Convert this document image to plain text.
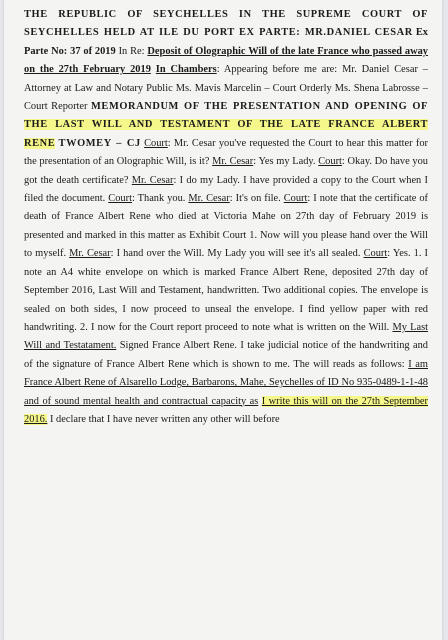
THE REPUBLIC OF SEYCHELLES IN THE SUPREME COURT OF SEYCHELLES HELD AT ILE DU PORT EX PARTE: MR.DANIEL CESAR Ex Parte No: 37 of 2019 In Re: Deposit of Olographic Will of the late France who passed away on the 27th February 2019 In Chambers: Appearing before me are: Mr. Daniel Cesar – Attorney at Law and Notary Public Ms. Mavis Marcelin – Court Orderly Ms. Shena Labrosse – Court Reporter MEMORANDUM OF THE PRESENTATION AND OPENING OF THE LAST WILL AND TESTAMENT OF THE LATE FRANCE ALBERT RENE TWOMEY – CJ Court: Mr. Cesar you've requested the Court to hear this matter for the presentation of an Olographic Will, is it? Mr. Cesar: Yes my Lady. Court: Okay. Do have you got the death certificate? Mr. Cesar: I do my Lady. I have provided a copy to the Court when I filed the document. Court: Thank you. Mr. Cesar: It's on file. Court: I note that the certificate of death of France Albert Rene who died at Victoria Mahe on 27th day of February 2019 is presented and marked in this matter as Exhibit Court 1. Now will you please hand over the Will to myself. Mr. Cesar: I hand over the Will. My Lady you will see it's all sealed. Court: Yes. 1. I note an A4 white envelope on which is marked France Albert Rene, deposited 27th day of September 2016, Last Will and Testament, handwritten. Two additional copies. The envelope is sealed on both sides, I now proceed to unseal the envelope. I find yellow paper with red handwriting. 2. I now for the Court report proceed to note what is written on the Will. My Last Will and Testatament. Signed France Albert Rene. I take judicial notice of the handwriting and of the signature of France Albert Rene which is shown to me. The will reads as follows: I am France Albert Rene of Alsarello Lodge, Barbarons, Mahe, Seychelles of ID No 935-0489-1-1-48 and of sound mental health and contractual capacity as I write this will on the 27th September 2016. I declare that I have never written any other will before
